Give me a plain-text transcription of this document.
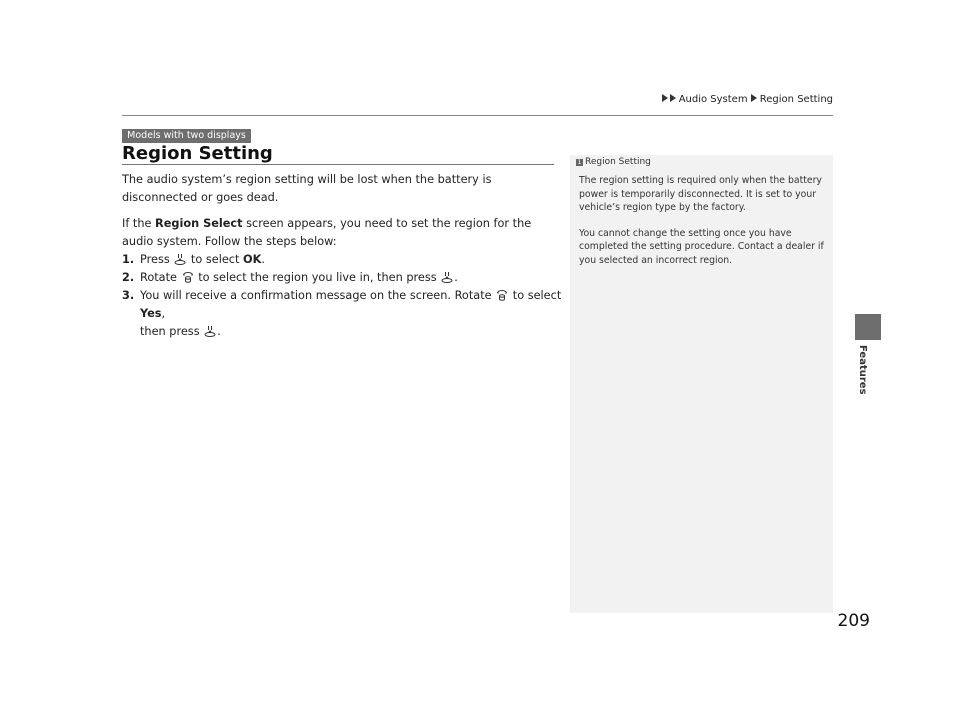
Audio System Region Setting
Models with two displays
Region Setting

The audio system’s region setting will be lost when the battery is disconnected or goes dead.

If the Region Select screen appears, you need to set the region for the audio system. Follow the steps below:

1. Press to select OK.
2. Rotate to select the region you live in, then press .
3. You will receive a confirmation message on the screen. Rotate to select Yes,
then press .
1 Region Setting

The region setting is required only when the battery power is temporarily disconnected. It is set to your vehicle’s region type by the factory.

You cannot change the setting once you have completed the setting procedure. Contact a dealer if you selected an incorrect region.

Features
209
